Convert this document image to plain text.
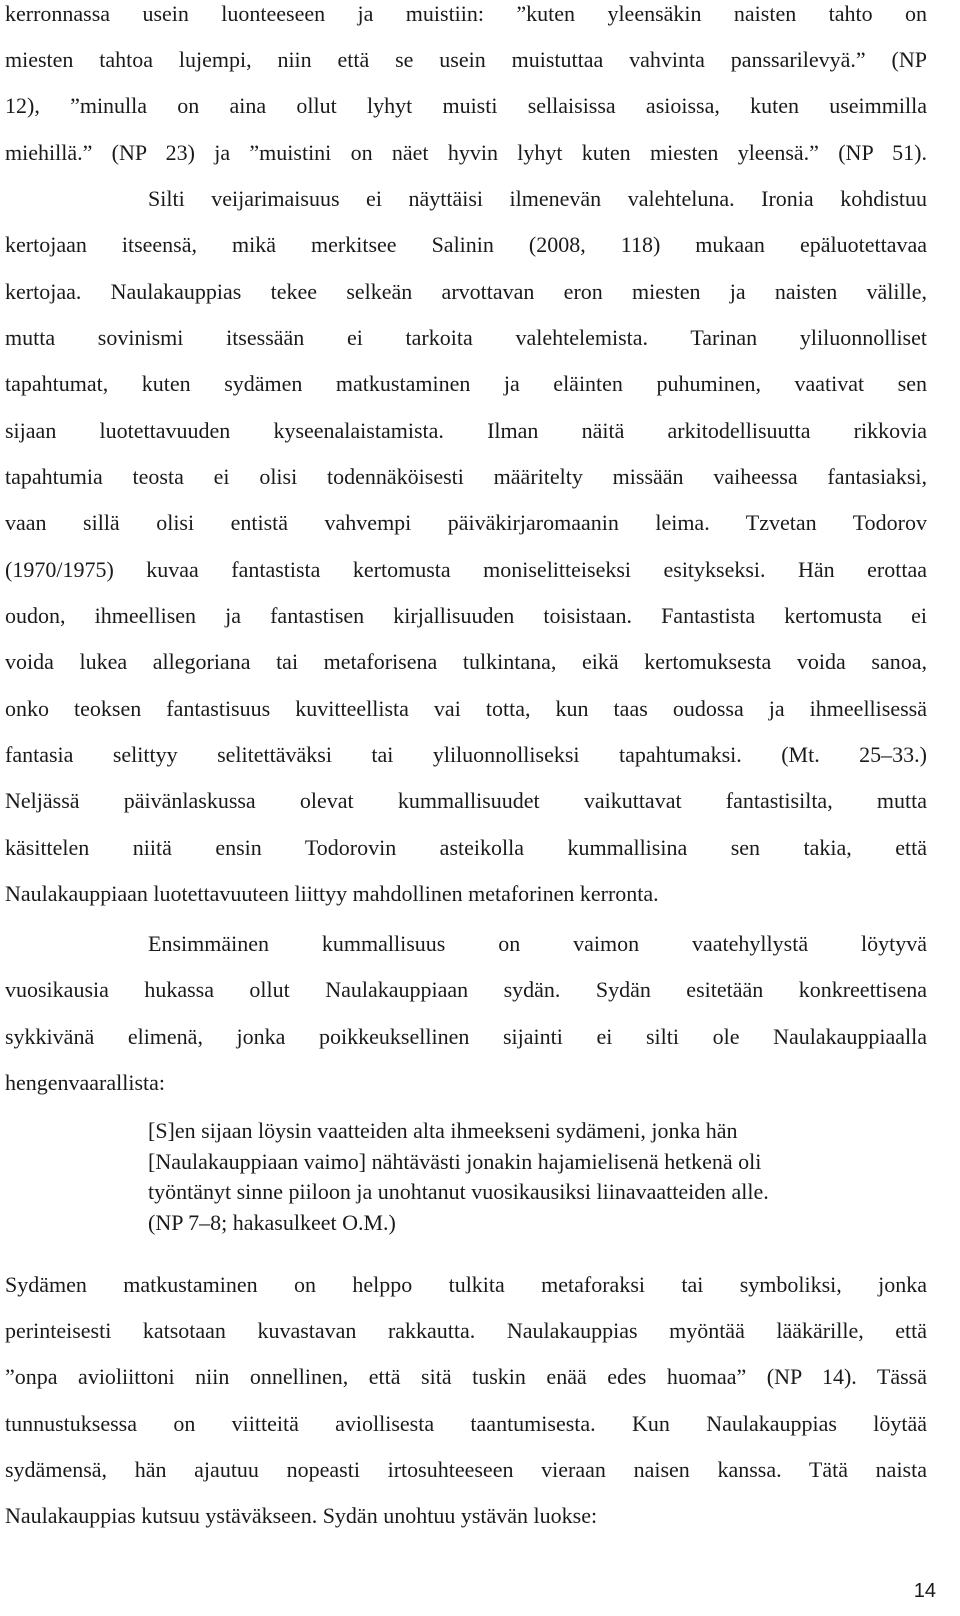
kerronnassa usein luonteeseen ja muistiin: ”kuten yleensäkin naisten tahto on
miesten tahtoa lujempi, niin että se usein muistuttaa vahvinta panssarilevyä.” (NP
12), ”minulla on aina ollut lyhyt muisti sellaisissa asioissa, kuten useimmilla
miehillä.” (NP 23) ja ”muistini on näet hyvin lyhyt kuten miesten yleensä.” (NP 51).
Silti veijarimaisuus ei näyttäisi ilmenevän valehteluna. Ironia kohdistuu
kertojaan itseensä, mikä merkitsee Salinin (2008, 118) mukaan epäluotettavaa
kertojaa. Naulakauppias tekee selkeän arvottavan eron miesten ja naisten välille,
mutta sovinismi itsessään ei tarkoita valehtelemista. Tarinan yliluonnolliset
tapahtumat, kuten sydämen matkustaminen ja eläinten puhuminen, vaativat sen
sijaan luotettavuuden kyseenalaistamista. Ilman näitä arkitodellisuutta rikkovia
tapahtumia teosta ei olisi todennäköisesti määritelty missään vaiheessa fantasiaksi,
vaan sillä olisi entistä vahvempi päiväkirjaromaanin leima. Tzvetan Todorov
(1970/1975) kuvaa fantastista kertomusta moniselitteiseksi esitykseksi. Hän erottaa
oudon, ihmeellisen ja fantastisen kirjallisuuden toisistaan. Fantastista kertomusta ei
voida lukea allegoriana tai metaforisena tulkintana, eikä kertomuksesta voida sanoa,
onko teoksen fantastisuus kuvitteellista vai totta, kun taas oudossa ja ihmeellisessä
fantasia selittyy selitettäväksi tai yliluonnolliseksi tapahtumaksi. (Mt. 25–33.)
Neljässä päivänlaskussa olevat kummallisuudet vaikuttavat fantastisilta, mutta
käsittelen niitä ensin Todorovin asteikolla kummallisina sen takia, että
Naulakauppiaan luotettavuuteen liittyy mahdollinen metaforinen kerronta.
Ensimmäinen kummallisuus on vaimon vaatehyllystä löytyvä
vuosikausia hukassa ollut Naulakauppiaan sydän. Sydän esitetään konkreettisena
sykkivänä elimenä, jonka poikkeuksellinen sijainti ei silti ole Naulakauppiaalla
hengenvaarallista:
[S]en sijaan löysin vaatteiden alta ihmeekseni sydämeni, jonka hän
[Naulakauppiaan vaimo] nähtävästi jonakin hajamielisenä hetkenä oli
työntänyt sinne piiloon ja unohtanut vuosikausiksi liinavaatteiden alle.
(NP 7–8; hakasulkeet O.M.)
Sydämen matkustaminen on helppo tulkita metaforaksi tai symboliksi, jonka
perinteisesti katsotaan kuvastavan rakkautta. Naulakauppias myöntää lääkärille, että
”onpa avioliittoni niin onnellinen, että sitä tuskin enää edes huomaa” (NP 14). Tässä
tunnustuksessa on viitteitä aviollisesta taantumisesta. Kun Naulakauppias löytää
sydämensä, hän ajautuu nopeasti irtosuhteeseen vieraan naisen kanssa. Tätä naista
Naulakauppias kutsuu ystäväkseen. Sydän unohtuu ystävän luokse:
14
